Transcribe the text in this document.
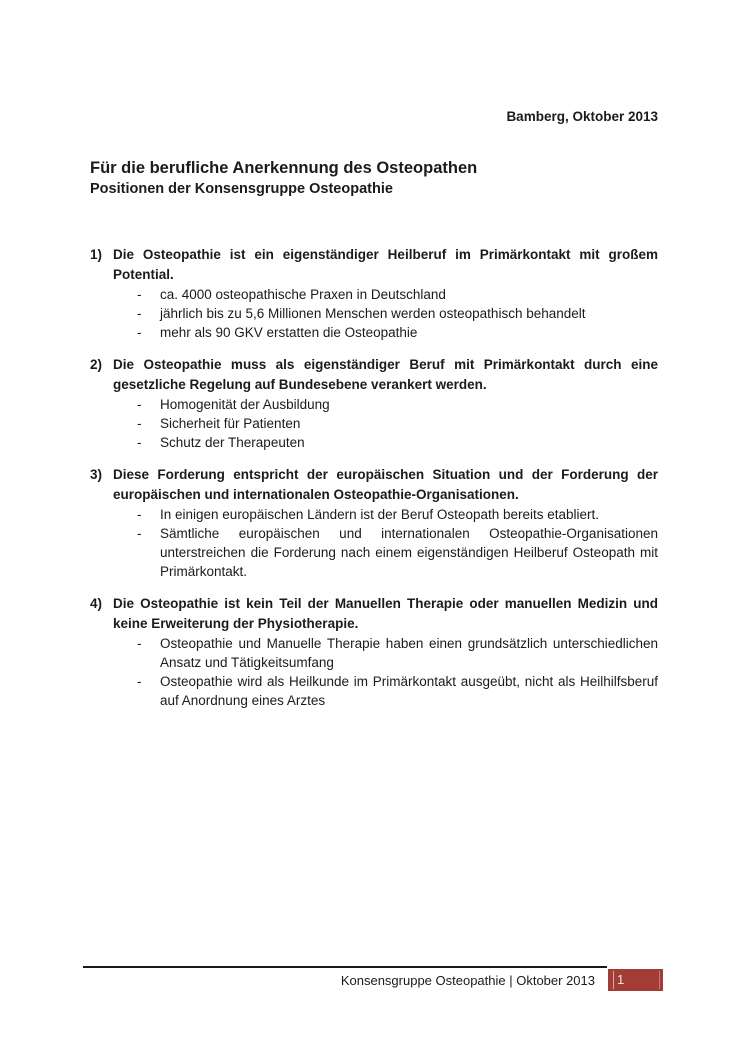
Bamberg, Oktober 2013
Für die berufliche Anerkennung des Osteopathen
Positionen der Konsensgruppe Osteopathie
1) Die Osteopathie ist ein eigenständiger Heilberuf im Primärkontakt mit großem Potential.
-	ca. 4000 osteopathische Praxen in Deutschland
-	jährlich bis zu 5,6 Millionen Menschen werden osteopathisch behandelt
-	mehr als 90 GKV erstatten die Osteopathie
2) Die Osteopathie muss als eigenständiger Beruf mit Primärkontakt durch eine gesetzliche Regelung auf Bundesebene verankert werden.
-	Homogenität der Ausbildung
-	Sicherheit für Patienten
-	Schutz der Therapeuten
3) Diese Forderung entspricht der europäischen Situation und der Forderung der europäischen und internationalen Osteopathie-Organisationen.
-	In einigen europäischen Ländern ist der Beruf Osteopath bereits etabliert.
-	Sämtliche europäischen und internationalen Osteopathie-Organisationen unterstreichen die Forderung nach einem eigenständigen Heilberuf Osteopath mit Primärkontakt.
4) Die Osteopathie ist kein Teil der Manuellen Therapie oder manuellen Medizin und keine Erweiterung der Physiotherapie.
-	Osteopathie und Manuelle Therapie haben einen grundsätzlich unterschiedlichen Ansatz und Tätigkeitsumfang
-	Osteopathie wird als Heilkunde im Primärkontakt ausgeübt, nicht als Heilhilfsberuf auf Anordnung eines Arztes
Konsensgruppe Osteopathie | Oktober 2013 1
